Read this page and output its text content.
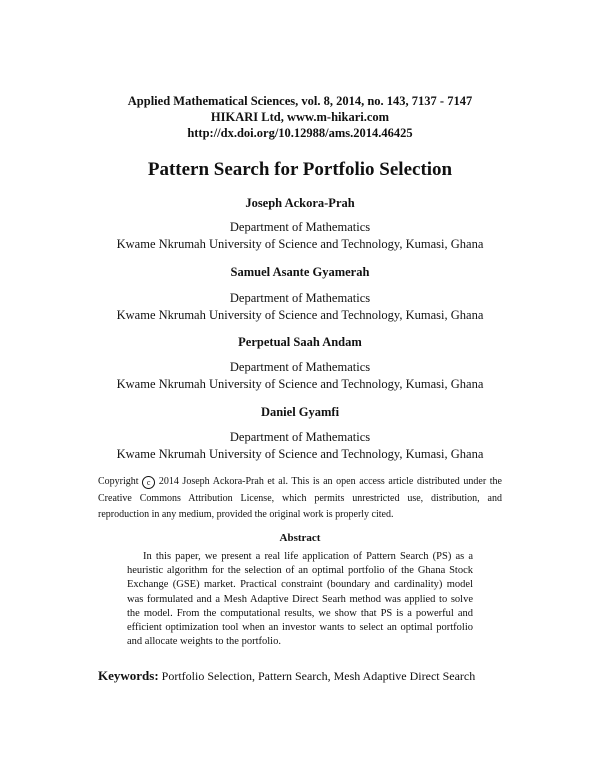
Applied Mathematical Sciences, vol. 8, 2014, no. 143, 7137 - 7147
HIKARI Ltd, www.m-hikari.com
http://dx.doi.org/10.12988/ams.2014.46425
Pattern Search for Portfolio Selection
Joseph Ackora-Prah
Department of Mathematics
Kwame Nkrumah University of Science and Technology, Kumasi, Ghana
Samuel Asante Gyamerah
Department of Mathematics
Kwame Nkrumah University of Science and Technology, Kumasi, Ghana
Perpetual Saah Andam
Department of Mathematics
Kwame Nkrumah University of Science and Technology, Kumasi, Ghana
Daniel Gyamfi
Department of Mathematics
Kwame Nkrumah University of Science and Technology, Kumasi, Ghana
Copyright c 2014 Joseph Ackora-Prah et al. This is an open access article distributed under the Creative Commons Attribution License, which permits unrestricted use, distribution, and reproduction in any medium, provided the original work is properly cited.
Abstract
In this paper, we present a real life application of Pattern Search (PS) as a heuristic algorithm for the selection of an optimal portfolio of the Ghana Stock Exchange (GSE) market. Practical constraint (boundary and cardinality) model was formulated and a Mesh Adaptive Direct Searh method was applied to solve the model. From the computational results, we show that PS is a powerful and efficient optimization tool when an investor wants to select an optimal portfolio and allocate weights to the portfolio.
Keywords: Portfolio Selection, Pattern Search, Mesh Adaptive Direct Search
